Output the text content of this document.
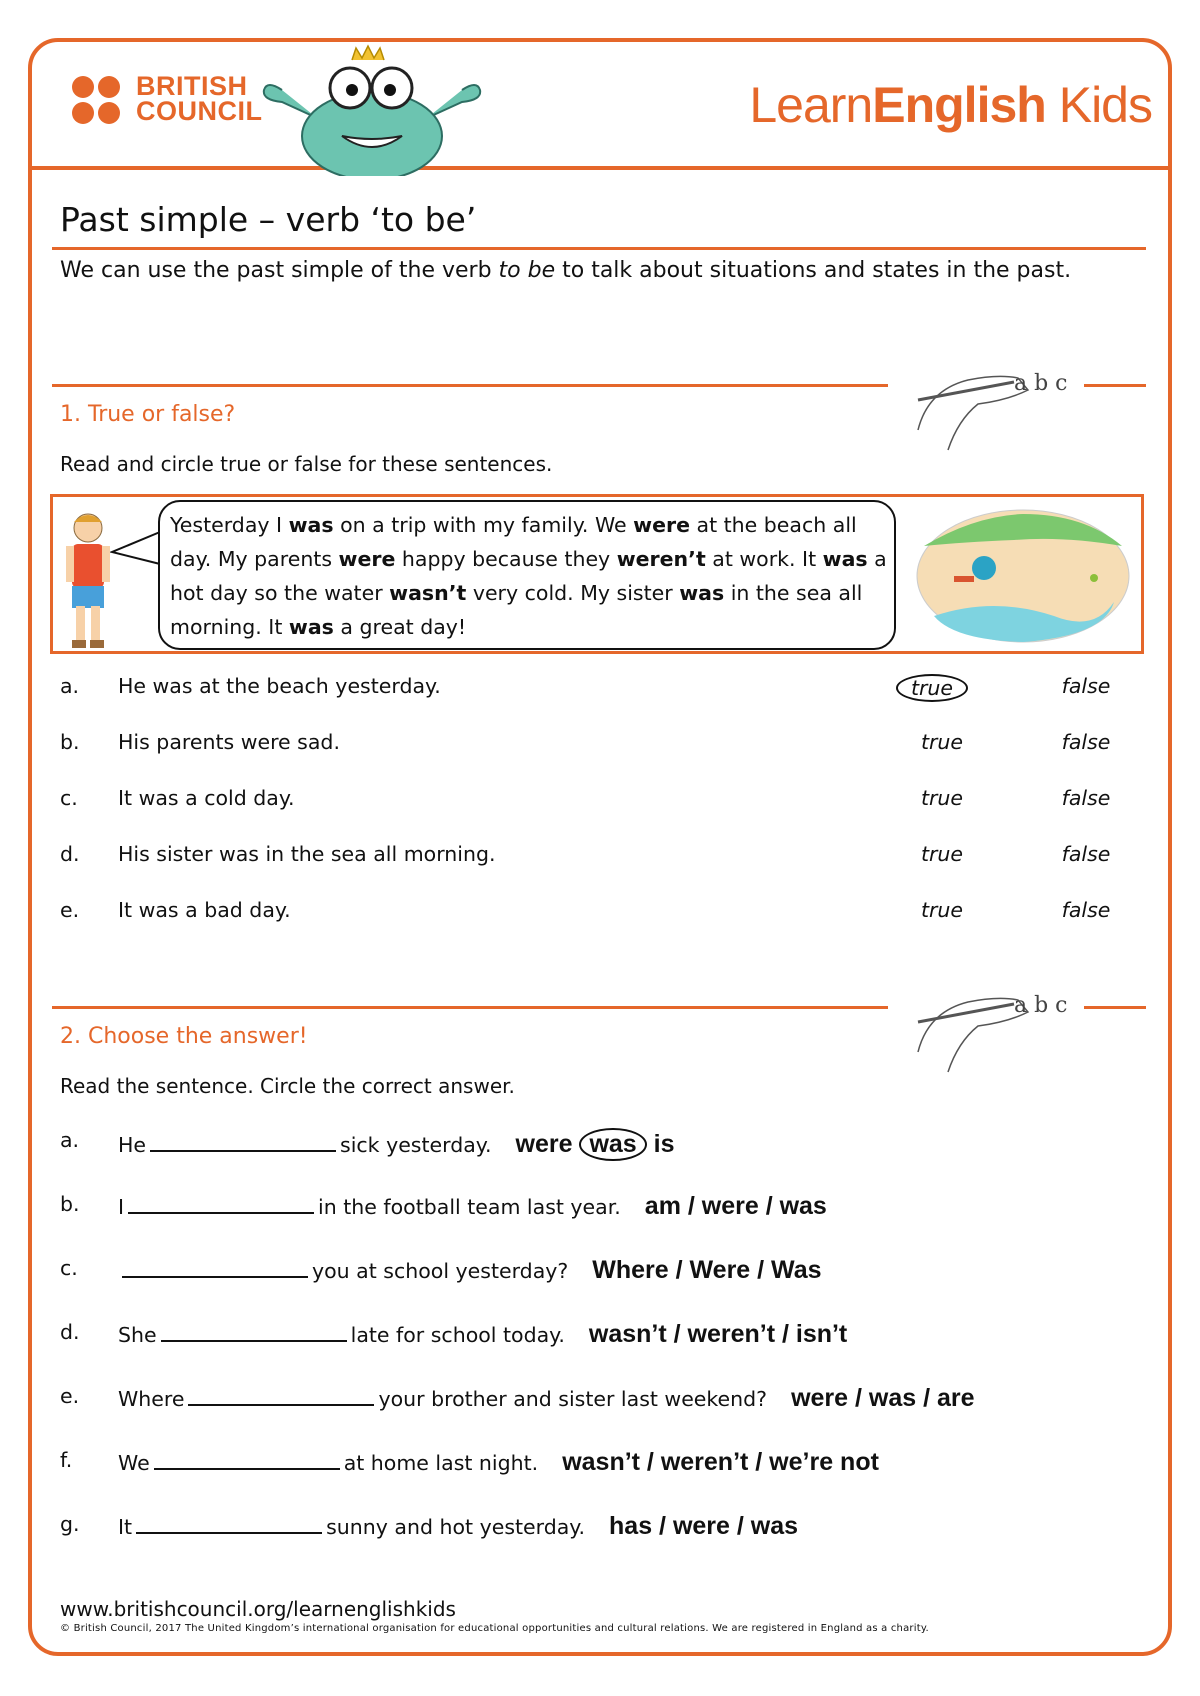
BRITISH
COUNCIL	LearnEnglish Kids
Past simple – verb ‘to be’
We can use the past simple of the verb to be to talk about situations and states in the past.
a b c
1. True or false?
Read and circle true or false for these sentences.
Yesterday I was on a trip with my family. We were at the beach all day. My parents were happy because they weren’t at work. It was a hot day so the water wasn’t very cold. My sister was in the sea all morning. It was a great day!
a. He was at the beach yesterday.	true	false
b. His parents were sad.	true	false
c. It was a cold day.	true	false
d. His sister was in the sea all morning.	true	false
e. It was a bad day.	true	false
a b c
2. Choose the answer!
Read the sentence. Circle the correct answer.
a. He	sick yesterday. were was is
b. I	in the football team last year. am / were / was
c.	you at school yesterday? Where / Were / Was
d. She	late for school today. wasn’t / weren’t / isn’t
e. Where	your brother and sister last weekend? were / was / are
f. We	at home last night. wasn’t / weren’t / we’re not
g. It	sunny and hot yesterday. has / were / was
www.britishcouncil.org/learnenglishkids
© British Council, 2017 The United Kingdom’s international organisation for educational opportunities and cultural relations. We are registered in England as a charity.
